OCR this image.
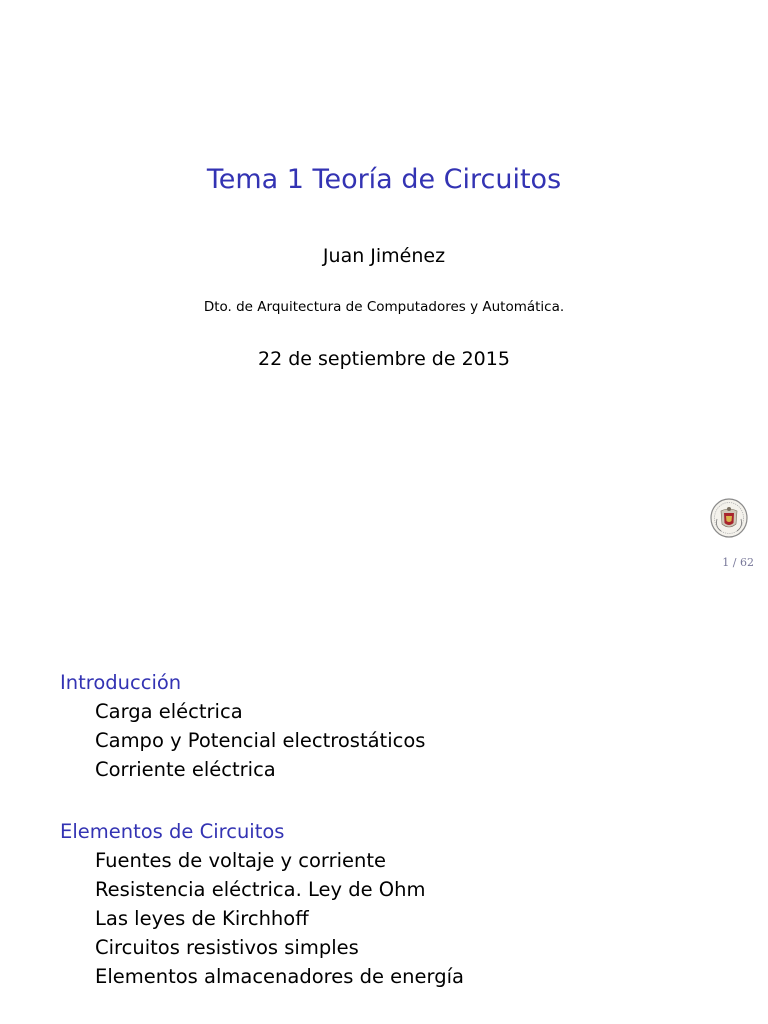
Tema 1 Teoría de Circuitos
Juan Jiménez
Dto. de Arquitectura de Computadores y Automática.
22 de septiembre de 2015
1 / 62
Introducción
Carga eléctrica
Campo y Potencial electrostáticos
Corriente eléctrica
Elementos de Circuitos
Fuentes de voltaje y corriente
Resistencia eléctrica. Ley de Ohm
Las leyes de Kirchhoff
Circuitos resistivos simples
Elementos almacenadores de energía
